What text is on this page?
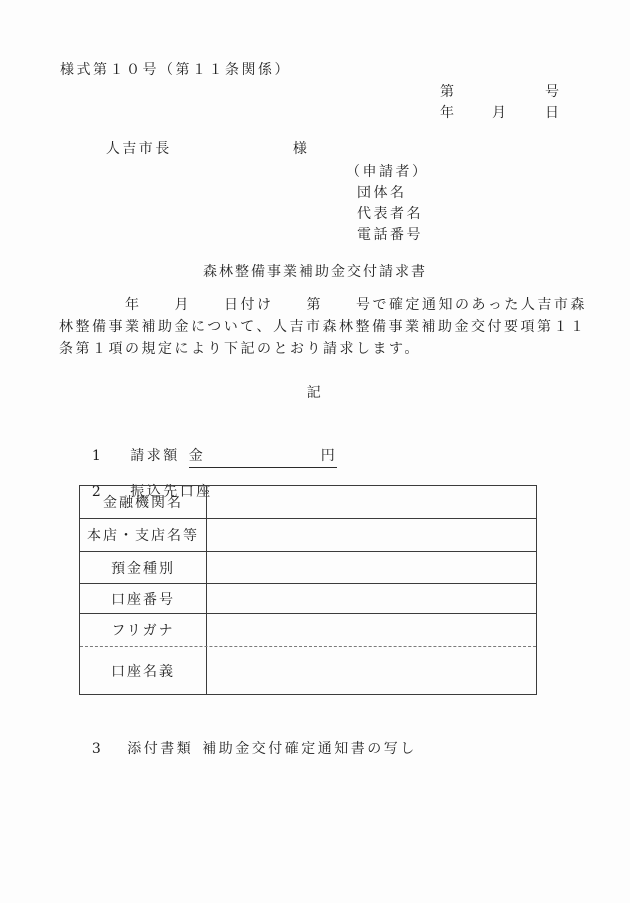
様式第１０号（第１１条関係）
第	号
年	月	日

人吉市長	様

（申請者）
団体名
代表者名
電話番号
森林整備事業補助金交付請求書
　　　　年　　月　　日付け　　第　　号で確定通知のあった人吉市森
林整備事業補助金について、人吉市森林整備事業補助金交付要項第１１
条第１項の規定により下記のとおり請求します。
記

1 請求額 金　　　　　　　円

2 振込先口座

金融機関名
本店・支店名等
預金種別
口座番号
フリガナ
口座名義

3 添付書類 補助金交付確定通知書の写し
